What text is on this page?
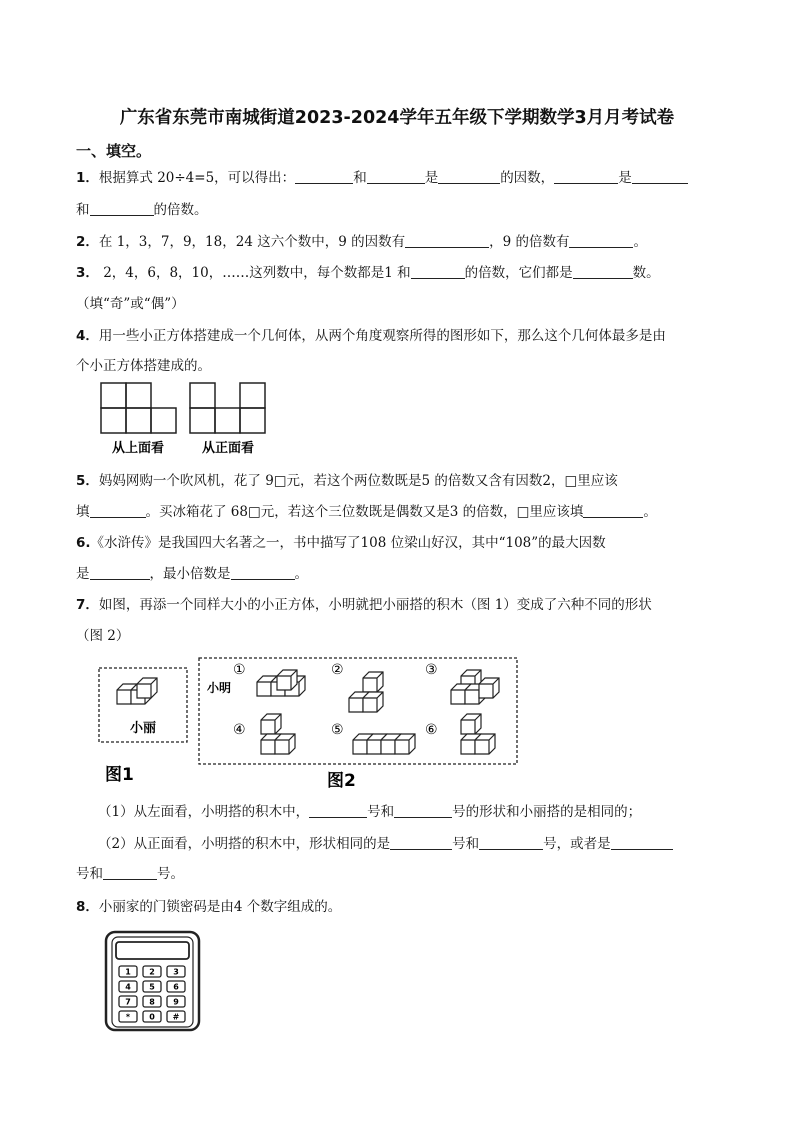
广东省东莞市南城街道2023-2024学年五年级下学期数学3月月考试卷
一、填空。
1．根据算式 20÷4=5，可以得出：	和	是	的因数，	是
和	的倍数。
2．在 1，3，7，9，18，24 这六个数中，9 的因数有	，9 的倍数有	。
3． 2，4，6，8，10，……这列数中，每个数都是1 和	的倍数，它们都是	数。
（填“奇”或“偶”）
4．用一些小正方体搭建成一个几何体，从两个角度观察所得的图形如下，那么这个几何体最多是由
个小正方体搭建成的。
从上面看	从正面看
5．妈妈网购一个吹风机，花了 9□元，若这个两位数既是5 的倍数又含有因数2，□里应该
填	。买冰箱花了 68□元，若这个三位数既是偶数又是3 的倍数，□里应该填	。
6.《水浒传》是我国四大名著之一，书中描写了108 位梁山好汉，其中“108”的最大因数
是	，最小倍数是	。
7．如图，再添一个同样大小的小正方体，小明就把小丽搭的积木（图 1）变成了六种不同的形状
（图 2）
小丽
图1
小明
①	②	③
④	⑤	⑥
图2
（1）从左面看，小明搭的积木中，	号和	号的形状和小丽搭的是相同的；
（2）从正面看，小明搭的积木中，形状相同的是	号和	号，或者是
号和	号。
8．小丽家的门锁密码是由4 个数字组成的。
1 2 3
4 5 6
7 8 9
* 0 #
